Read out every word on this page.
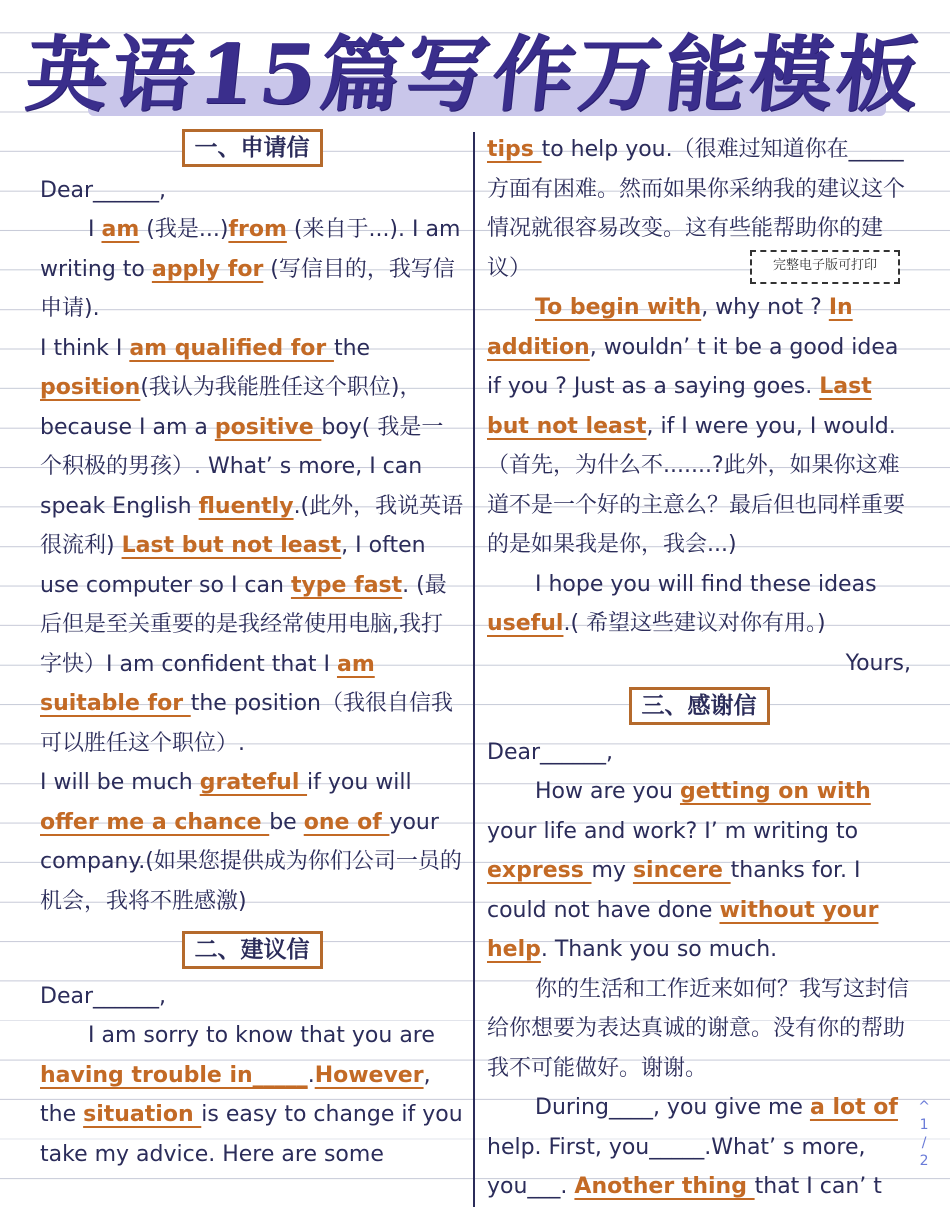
英语15篇写作万能模板
完整电子版可打印
一、申请信

Dear______,

I am (我是...)from (来自于...). I am writing to apply for (写信目的，我写信申请).

I think I am qualified for the position(我认为我能胜任这个职位)，because I am a positive boy( 我是一个积极的男孩）. What’ s more, I can speak English fluently.(此外，我说英语很流利) Last but not least, I often use computer so I can type fast. (最后但是至关重要的是我经常使用电脑,我打字快）I am confident that I am suitable for the position（我很自信我可以胜任这个职位）.

I will be much grateful if you will offer me a chance be one of your company.(如果您提供成为你们公司一员的机会，我将不胜感激)

二、建议信

Dear______,

I am sorry to know that you are having trouble in_____.However, the situation is easy to change if you take my advice. Here are some

tips to help you.（很难过知道你在_____方面有困难。然而如果你采纳我的建议这个情况就很容易改变。这有些能帮助你的建议）

To begin with, why not ? In addition, wouldn’ t it be a good idea if you ? Just as a saying goes. Last but not least, if I were you, I would. （首先，为什么不.......?此外，如果你这难道不是一个好的主意么？最后但也同样重要的是如果我是你，我会...)

I hope you will find these ideas useful.( 希望这些建议对你有用。)

Yours,

三、感谢信

Dear______,

How are you getting on with your life and work? I’ m writing to express my sincere thanks for. I could not have done without your help. Thank you so much.

你的生活和工作近来如何？我写这封信给你想要为表达真诚的谢意。没有你的帮助我不可能做好。谢谢。

During____, you give me a lot of help. First, you_____.What’ s more, you___. Another thing that I can’ t

^
1
/
2
